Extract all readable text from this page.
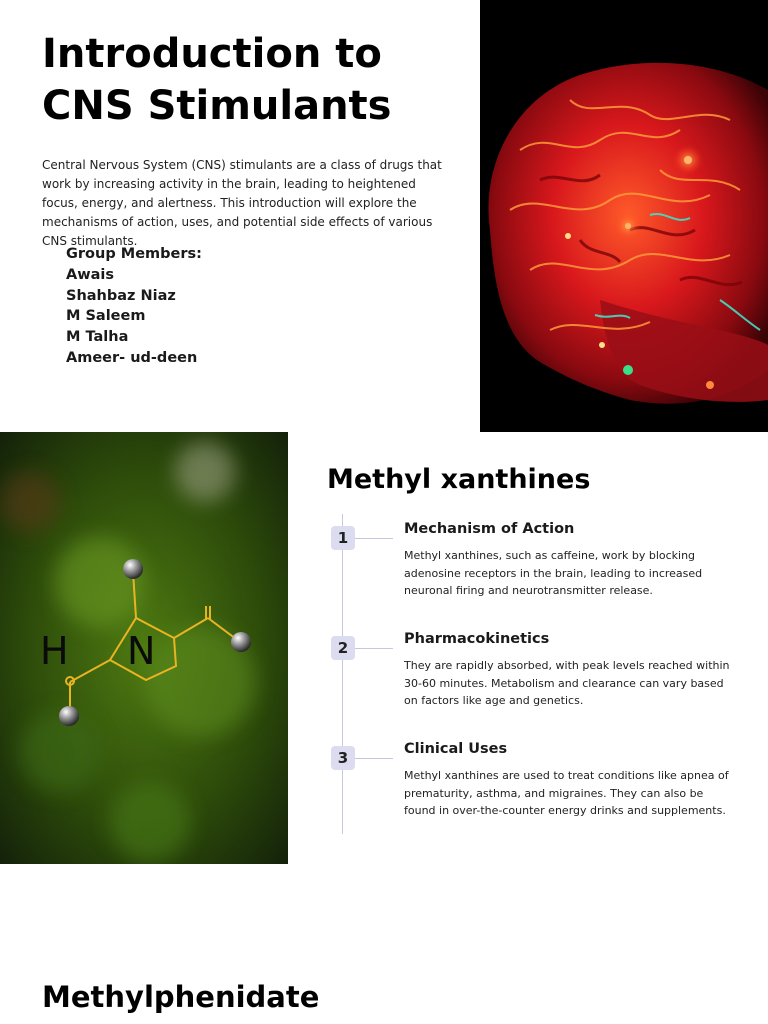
Introduction to CNS Stimulants

Central Nervous System (CNS) stimulants are a class of drugs that work by increasing activity in the brain, leading to heightened focus, energy, and alertness. This introduction will explore the mechanisms of action, uses, and potential side effects of various CNS stimulants.

Group Members:
Awais
Shahbaz Niaz
M Saleem
M Talha
Ameer- ud-deen
H N
Methyl xanthines
1	Mechanism of Action
Methyl xanthines, such as caffeine, work by blocking adenosine receptors in the brain, leading to increased neuronal firing and neurotransmitter release.
2	Pharmacokinetics
They are rapidly absorbed, with peak levels reached within 30-60 minutes. Metabolism and clearance can vary based on factors like age and genetics.
3	Clinical Uses
Methyl xanthines are used to treat conditions like apnea of prematurity, asthma, and migraines. They can also be found in over-the-counter energy drinks and supplements.
Methylphenidate
